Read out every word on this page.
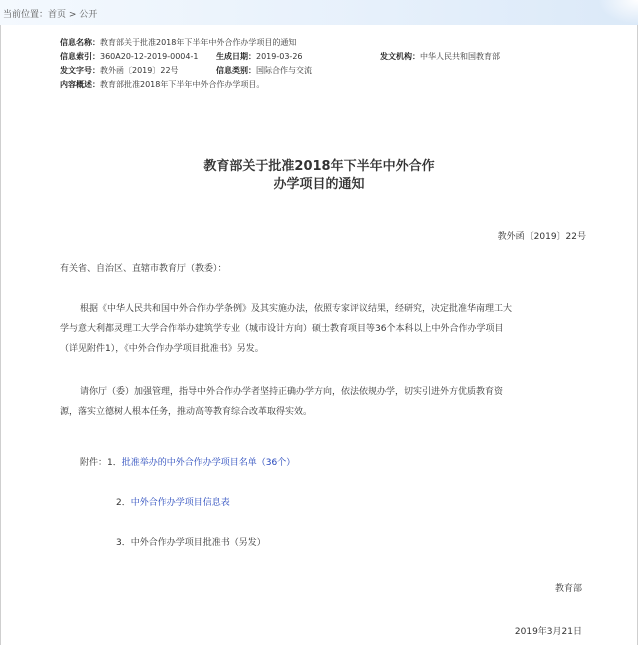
当前位置：首页 > 公开
信息名称：教育部关于批准2018年下半年中外合作办学项目的通知
信息索引：360A20-12-2019-0004-1 生成日期：2019-03-26	发文机构：中华人民共和国教育部
发文字号：教外函〔2019〕22号	信息类别：国际合作与交流
内容概述：教育部批准2018年下半年中外合作办学项目。
教育部关于批准2018年下半年中外合作
办学项目的通知
教外函〔2019〕22号
有关省、自治区、直辖市教育厅（教委）：
根据《中华人民共和国中外合作办学条例》及其实施办法，依照专家评议结果，经研究，决定批准华南理工大
学与意大利都灵理工大学合作举办建筑学专业（城市设计方向）硕士教育项目等36个本科以上中外合作办学项目
（详见附件1），《中外合作办学项目批准书》另发。
请你厅（委）加强管理，指导中外合作办学者坚持正确办学方向，依法依规办学，切实引进外方优质教育资
源，落实立德树人根本任务，推动高等教育综合改革取得实效。
附件：1．批准举办的中外合作办学项目名单（36个）
2．中外合作办学项目信息表
3．中外合作办学项目批准书（另发）
教育部
2019年3月21日
